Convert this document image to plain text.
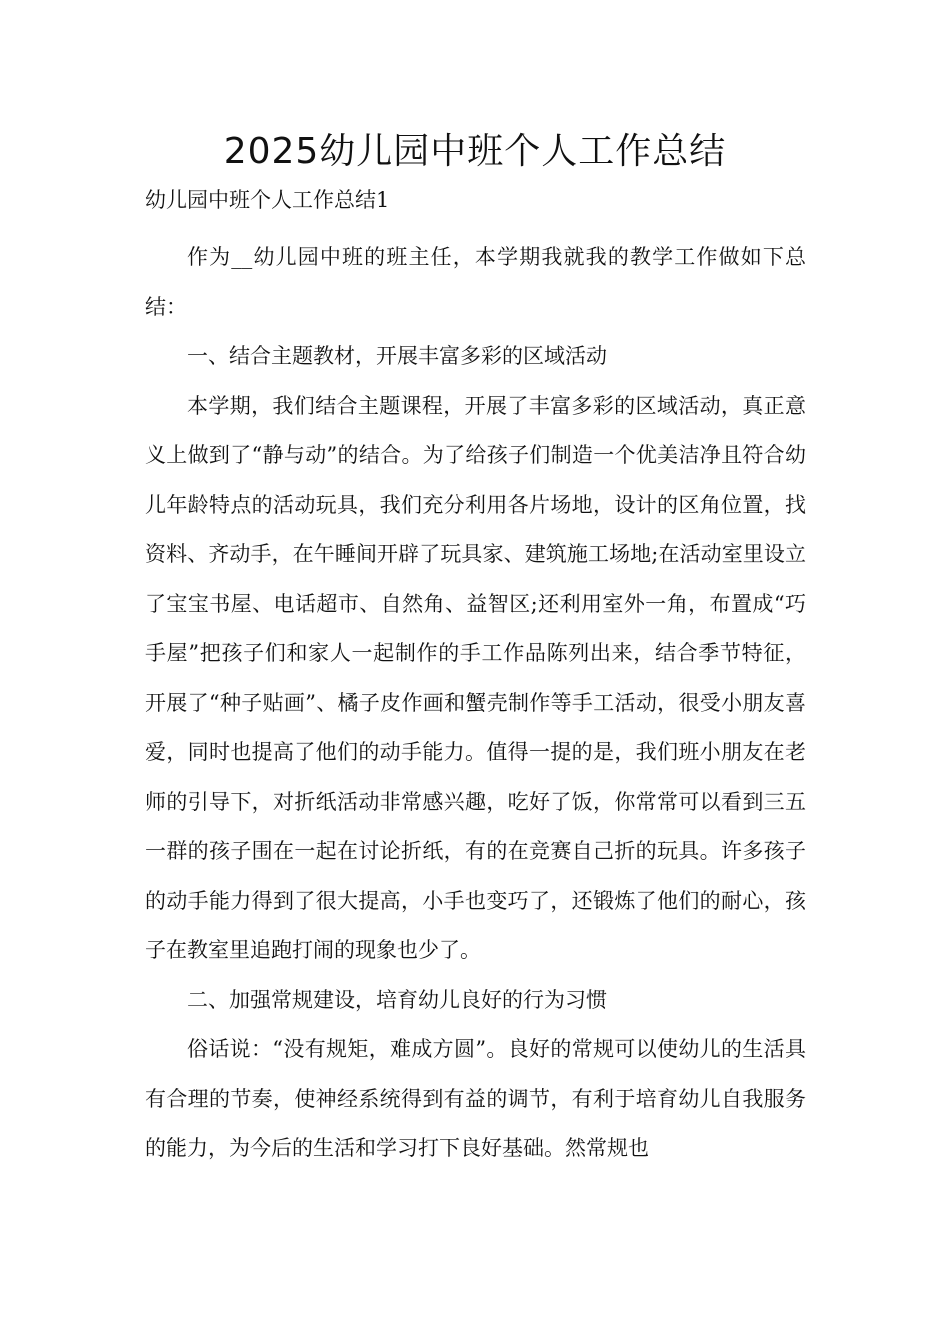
2025幼儿园中班个人工作总结

幼儿园中班个人工作总结1

作为__幼儿园中班的班主任，本学期我就我的教学工作做如下总结：

一、结合主题教材，开展丰富多彩的区域活动

本学期，我们结合主题课程，开展了丰富多彩的区域活动，真正意义上做到了“静与动”的结合。为了给孩子们制造一个优美洁净且符合幼儿年龄特点的活动玩具，我们充分利用各片场地，设计的区角位置，找资料、齐动手，在午睡间开辟了玩具家、建筑施工场地;在活动室里设立了宝宝书屋、电话超市、自然角、益智区;还利用室外一角，布置成“巧手屋”把孩子们和家人一起制作的手工作品陈列出来，结合季节特征，开展了“种子贴画”、橘子皮作画和蟹壳制作等手工活动，很受小朋友喜爱，同时也提高了他们的动手能力。值得一提的是，我们班小朋友在老师的引导下，对折纸活动非常感兴趣，吃好了饭，你常常可以看到三五一群的孩子围在一起在讨论折纸，有的在竞赛自己折的玩具。许多孩子的动手能力得到了很大提高，小手也变巧了，还锻炼了他们的耐心，孩子在教室里追跑打闹的现象也少了。

二、加强常规建设，培育幼儿良好的行为习惯

俗话说：“没有规矩，难成方圆”。良好的常规可以使幼儿的生活具有合理的节奏，使神经系统得到有益的调节，有利于培育幼儿自我服务的能力，为今后的生活和学习打下良好基础。然常规也
